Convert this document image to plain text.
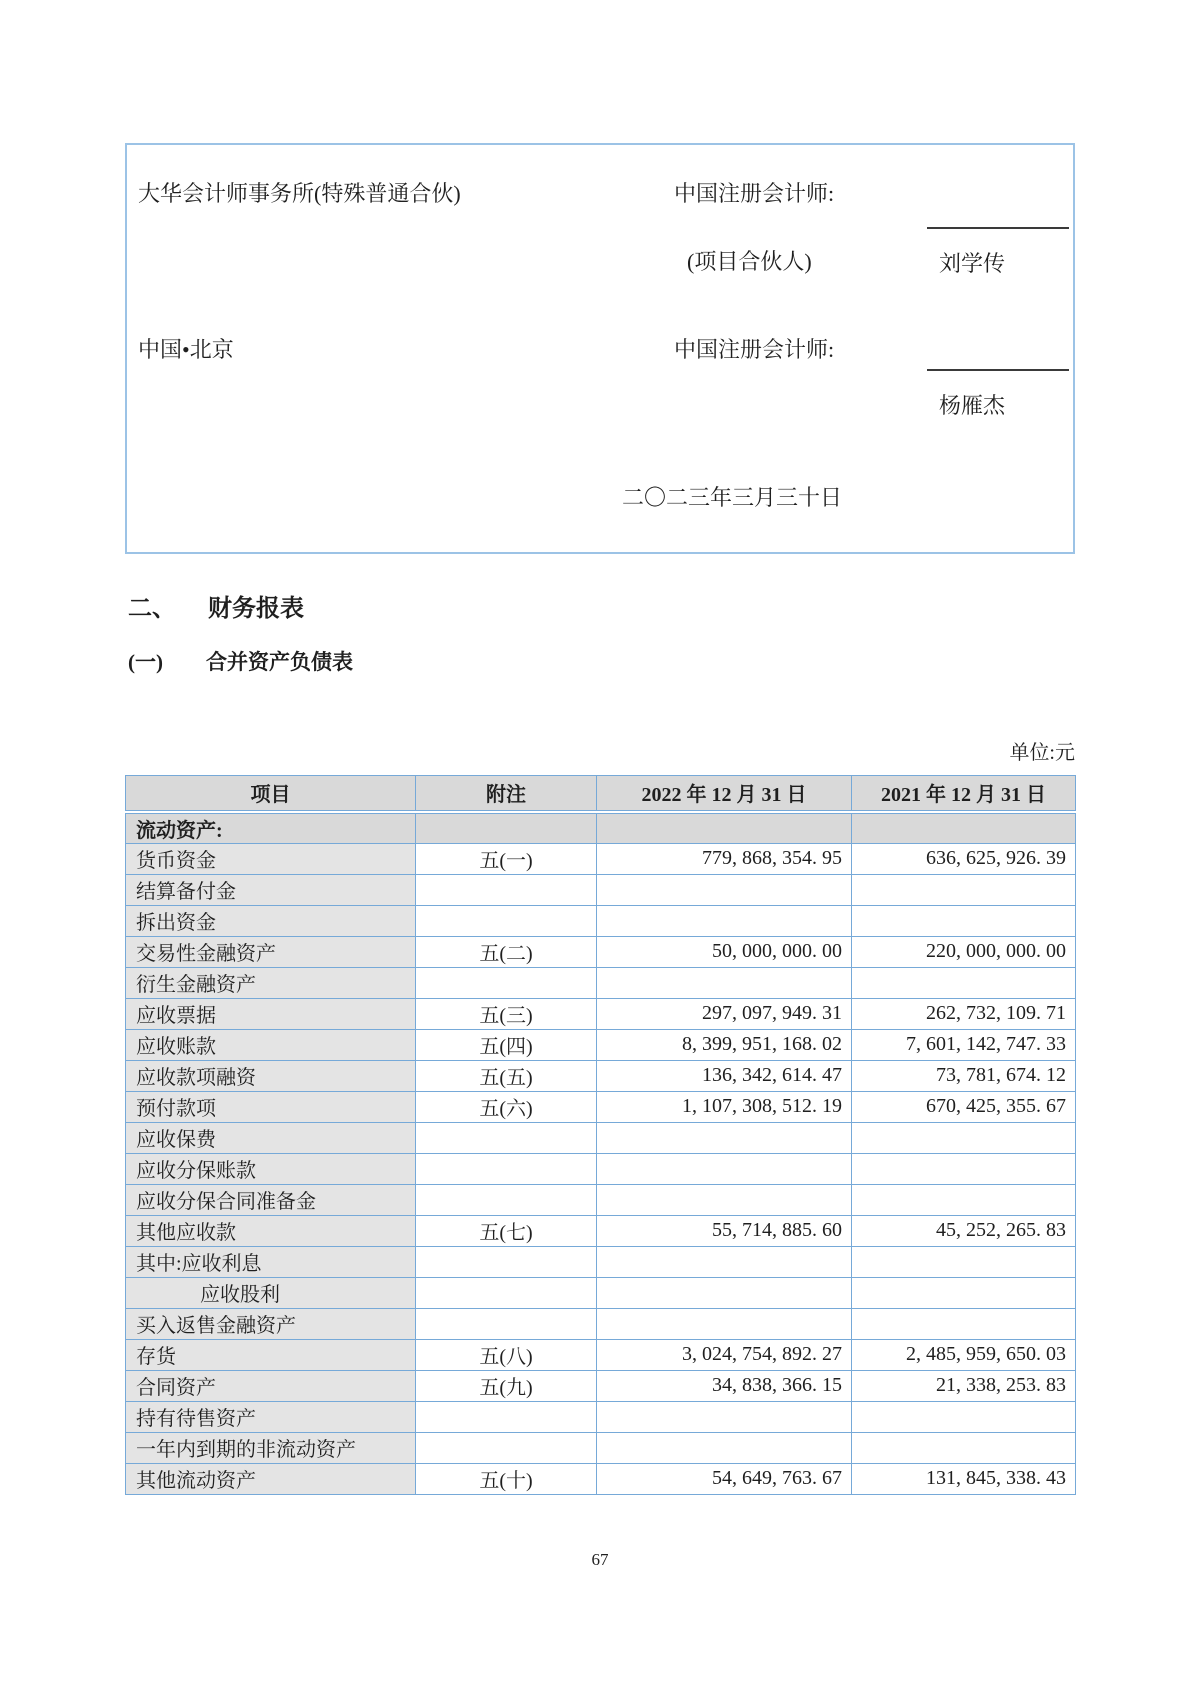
大华会计师事务所(特殊普通合伙)	中国注册会计师:
(项目合伙人)	刘学传
中国•北京	中国注册会计师:
杨雁杰
二〇二三年三月三十日
二、 财务报表
(一) 合并资产负债表
单位:元
项目	附注	2022 年 12 月 31 日	2021 年 12 月 31 日
流动资产:			
货币资金	五(一)	779, 868, 354. 95	636, 625, 926. 39
结算备付金			
拆出资金			
交易性金融资产	五(二)	50, 000, 000. 00	220, 000, 000. 00
衍生金融资产			
应收票据	五(三)	297, 097, 949. 31	262, 732, 109. 71
应收账款	五(四)	8, 399, 951, 168. 02	7, 601, 142, 747. 33
应收款项融资	五(五)	136, 342, 614. 47	73, 781, 674. 12
预付款项	五(六)	1, 107, 308, 512. 19	670, 425, 355. 67
应收保费			
应收分保账款			
应收分保合同准备金			
其他应收款	五(七)	55, 714, 885. 60	45, 252, 265. 83
其中:应收利息			
应收股利			
买入返售金融资产			
存货	五(八)	3, 024, 754, 892. 27	2, 485, 959, 650. 03
合同资产	五(九)	34, 838, 366. 15	21, 338, 253. 83
持有待售资产			
一年内到期的非流动资产			
其他流动资产	五(十)	54, 649, 763. 67	131, 845, 338. 43
67
